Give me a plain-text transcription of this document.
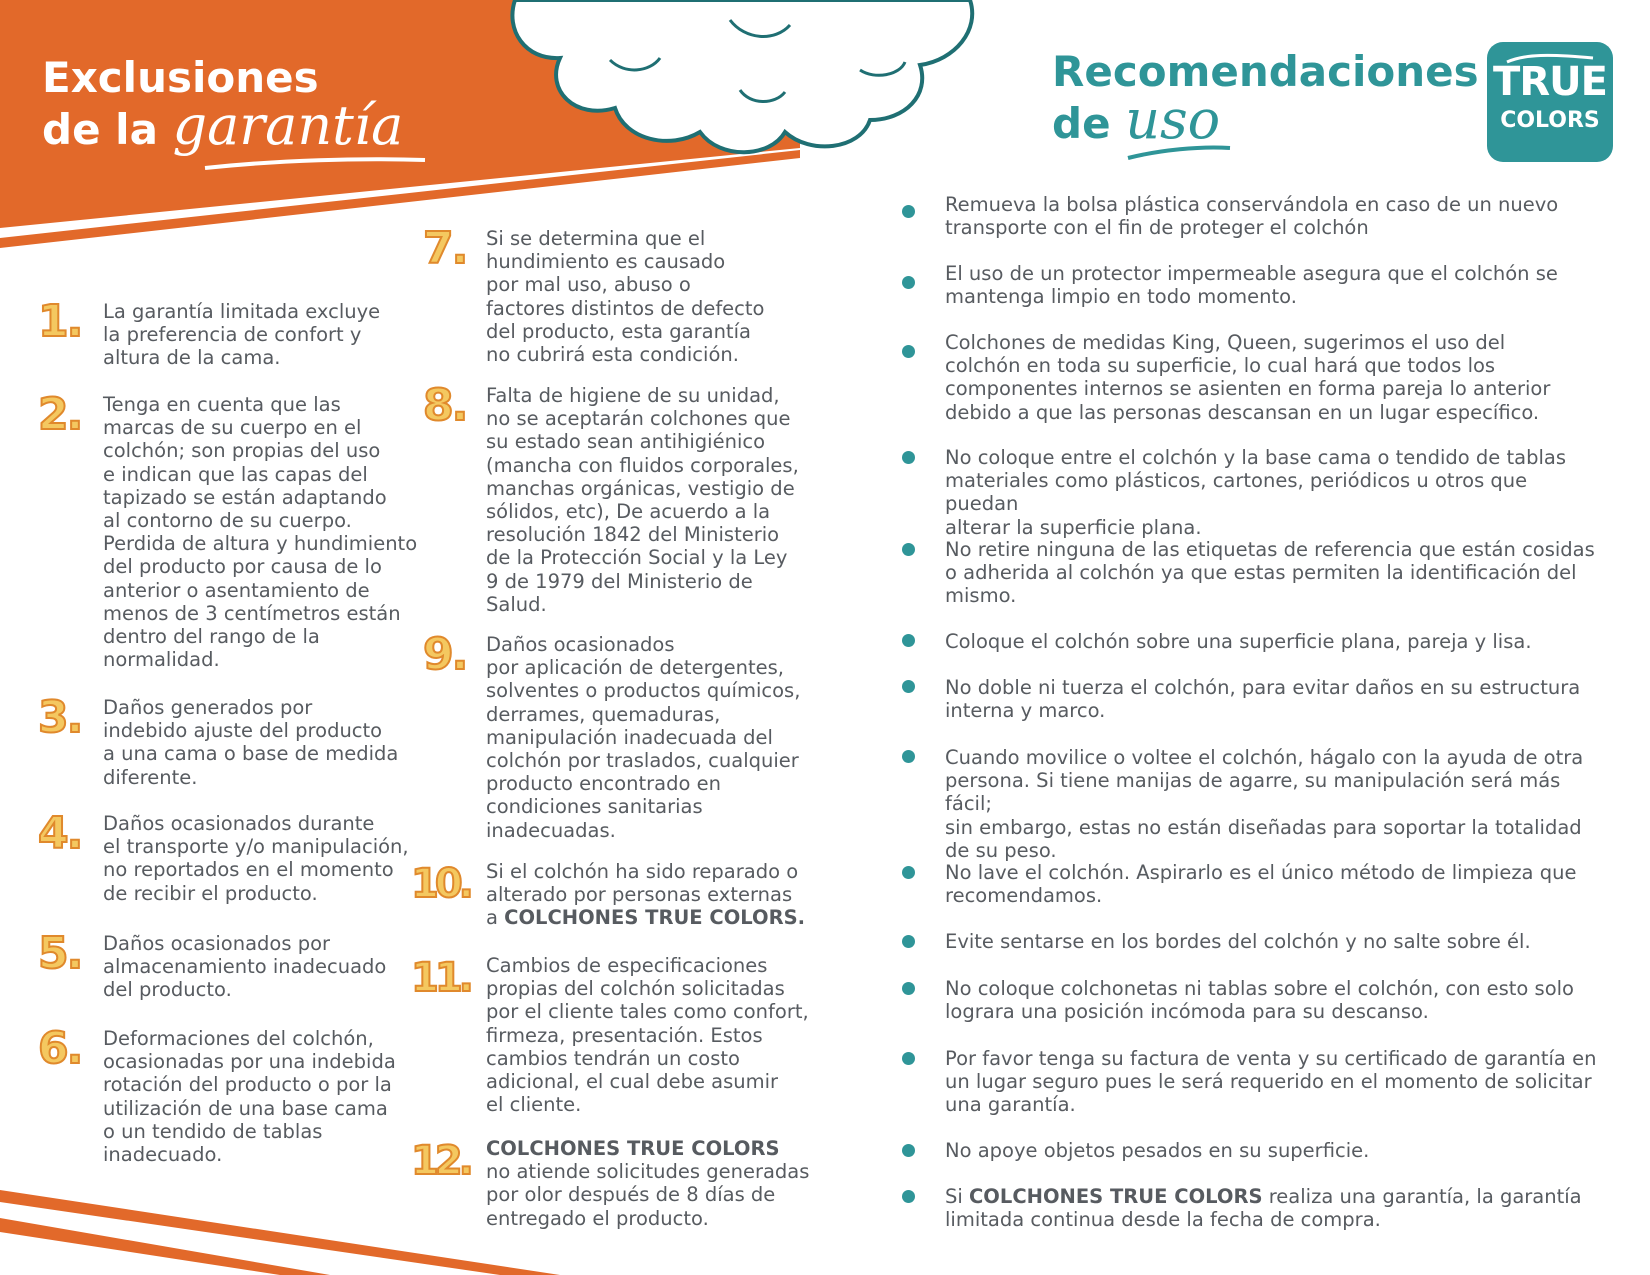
Exclusiones
de la garantía
Recomendaciones
de uso
TRUE
COLORS
1. La garantía limitada excluye
la preferencia de confort y
altura de la cama.
2. Tenga en cuenta que las
marcas de su cuerpo en el
colchón; son propias del uso
e indican que las capas del
tapizado se están adaptando
al contorno de su cuerpo.
Perdida de altura y hundimiento
del producto por causa de lo
anterior o asentamiento de
menos de 3 centímetros están
dentro del rango de la
normalidad.
3. Daños generados por
indebido ajuste del producto
a una cama o base de medida
diferente.
4. Daños ocasionados durante
el transporte y/o manipulación,
no reportados en el momento
de recibir el producto.
5. Daños ocasionados por
almacenamiento inadecuado
del producto.
6. Deformaciones del colchón,
ocasionadas por una indebida
rotación del producto o por la
utilización de una base cama
o un tendido de tablas
inadecuado.
7. Si se determina que el
hundimiento es causado
por mal uso, abuso o
factores distintos de defecto
del producto, esta garantía
no cubrirá esta condición.
8. Falta de higiene de su unidad,
no se aceptarán colchones que
su estado sean antihigiénico
(mancha con fluidos corporales,
manchas orgánicas, vestigio de
sólidos, etc), De acuerdo a la
resolución 1842 del Ministerio
de la Protección Social y la Ley
9 de 1979 del Ministerio de
Salud.
9. Daños ocasionados
por aplicación de detergentes,
solventes o productos químicos,
derrames, quemaduras,
manipulación inadecuada del
colchón por traslados, cualquier
producto encontrado en
condiciones sanitarias
inadecuadas.
10. Si el colchón ha sido reparado o
alterado por personas externas
a COLCHONES TRUE COLORS.
11. Cambios de especificaciones
propias del colchón solicitadas
por el cliente tales como confort,
firmeza, presentación. Estos
cambios tendrán un costo
adicional, el cual debe asumir
el cliente.
12. COLCHONES TRUE COLORS
no atiende solicitudes generadas
por olor después de 8 días de
entregado el producto.
Remueva la bolsa plástica conservándola en caso de un nuevo
transporte con el fin de proteger el colchón
El uso de un protector impermeable asegura que el colchón se
mantenga limpio en todo momento.
Colchones de medidas King, Queen, sugerimos el uso del
colchón en toda su superficie, lo cual hará que todos los
componentes internos se asienten en forma pareja lo anterior
debido a que las personas descansan en un lugar específico.
No coloque entre el colchón y la base cama o tendido de tablas
materiales como plásticos, cartones, periódicos u otros que puedan
alterar la superficie plana.
No retire ninguna de las etiquetas de referencia que están cosidas
o adherida al colchón ya que estas permiten la identificación del
mismo.
Coloque el colchón sobre una superficie plana, pareja y lisa.
No doble ni tuerza el colchón, para evitar daños en su estructura
interna y marco.
Cuando movilice o voltee el colchón, hágalo con la ayuda de otra
persona. Si tiene manijas de agarre, su manipulación será más fácil;
sin embargo, estas no están diseñadas para soportar la totalidad
de su peso.
No lave el colchón. Aspirarlo es el único método de limpieza que
recomendamos.
Evite sentarse en los bordes del colchón y no salte sobre él.
No coloque colchonetas ni tablas sobre el colchón, con esto solo
lograra una posición incómoda para su descanso.
Por favor tenga su factura de venta y su certificado de garantía en
un lugar seguro pues le será requerido en el momento de solicitar
una garantía.
No apoye objetos pesados en su superficie.
Si COLCHONES TRUE COLORS realiza una garantía, la garantía
limitada continua desde la fecha de compra.
